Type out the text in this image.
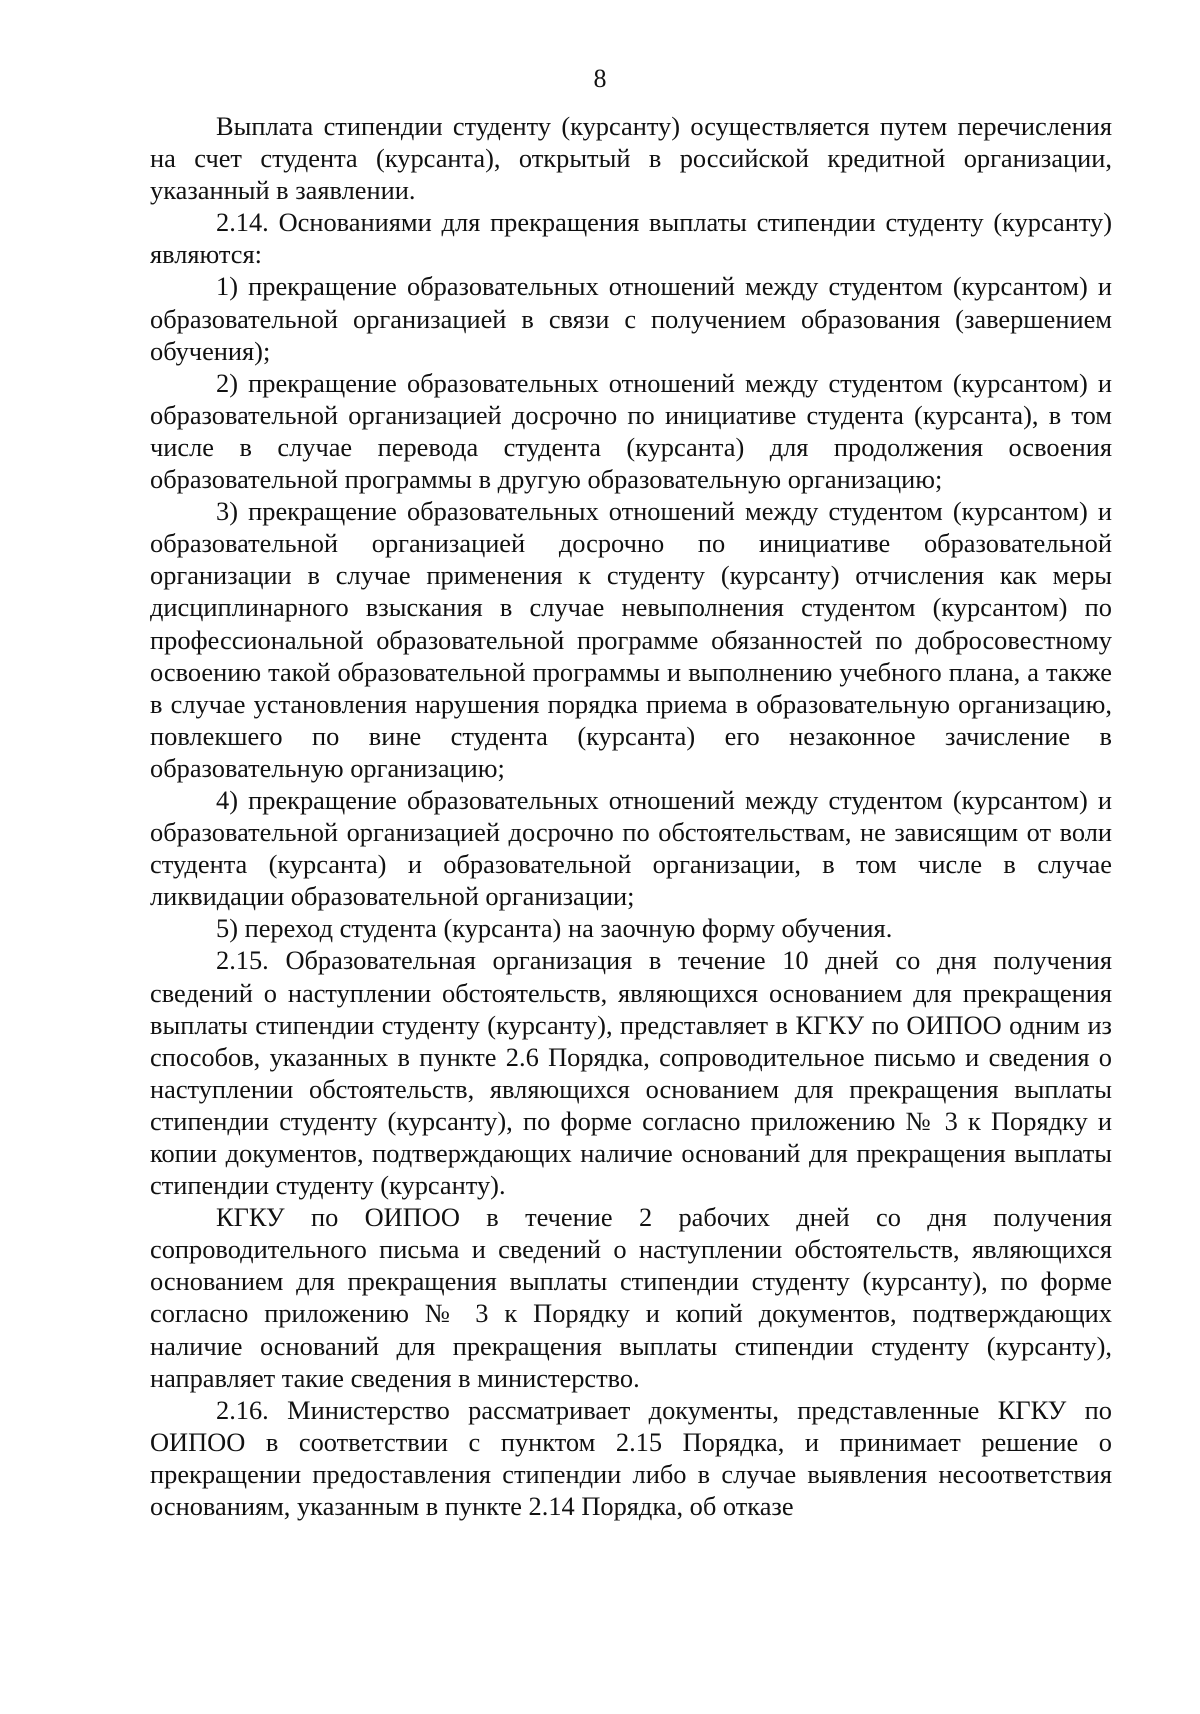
8

Выплата стипендии студенту (курсанту) осуществляется путем перечисления на счет студента (курсанта), открытый в российской кредитной организации, указанный в заявлении.

2.14. Основаниями для прекращения выплаты стипендии студенту (курсанту) являются:

1) прекращение образовательных отношений между студентом (курсантом) и образовательной организацией в связи с получением образования (завершением обучения);

2) прекращение образовательных отношений между студентом (курсантом) и образовательной организацией досрочно по инициативе студента (курсанта), в том числе в случае перевода студента (курсанта) для продолжения освоения образовательной программы в другую образовательную организацию;

3) прекращение образовательных отношений между студентом (курсантом) и образовательной организацией досрочно по инициативе образовательной организации в случае применения к студенту (курсанту) отчисления как меры дисциплинарного взыскания в случае невыполнения студентом (курсантом) по профессиональной образовательной программе обязанностей по добросовестному освоению такой образовательной программы и выполнению учебного плана, а также в случае установления нарушения порядка приема в образовательную организацию, повлекшего по вине студента (курсанта) его незаконное зачисление в образовательную организацию;

4) прекращение образовательных отношений между студентом (курсантом) и образовательной организацией досрочно по обстоятельствам, не зависящим от воли студента (курсанта) и образовательной организации, в том числе в случае ликвидации образовательной организации;

5) переход студента (курсанта) на заочную форму обучения.

2.15. Образовательная организация в течение 10 дней со дня получения сведений о наступлении обстоятельств, являющихся основанием для прекращения выплаты стипендии студенту (курсанту), представляет в КГКУ по ОИПОО одним из способов, указанных в пункте 2.6 Порядка, сопроводительное письмо и сведения о наступлении обстоятельств, являющихся основанием для прекращения выплаты стипендии студенту (курсанту), по форме согласно приложению № 3 к Порядку и копии документов, подтверждающих наличие оснований для прекращения выплаты стипендии студенту (курсанту).

КГКУ по ОИПОО в течение 2 рабочих дней со дня получения сопроводительного письма и сведений о наступлении обстоятельств, являющихся основанием для прекращения выплаты стипендии студенту (курсанту), по форме согласно приложению № 3 к Порядку и копий документов, подтверждающих наличие оснований для прекращения выплаты стипендии студенту (курсанту), направляет такие сведения в министерство.

2.16. Министерство рассматривает документы, представленные КГКУ по ОИПОО в соответствии с пунктом 2.15 Порядка, и принимает решение о прекращении предоставления стипендии либо в случае выявления несоответствия основаниям, указанным в пункте 2.14 Порядка, об отказе
